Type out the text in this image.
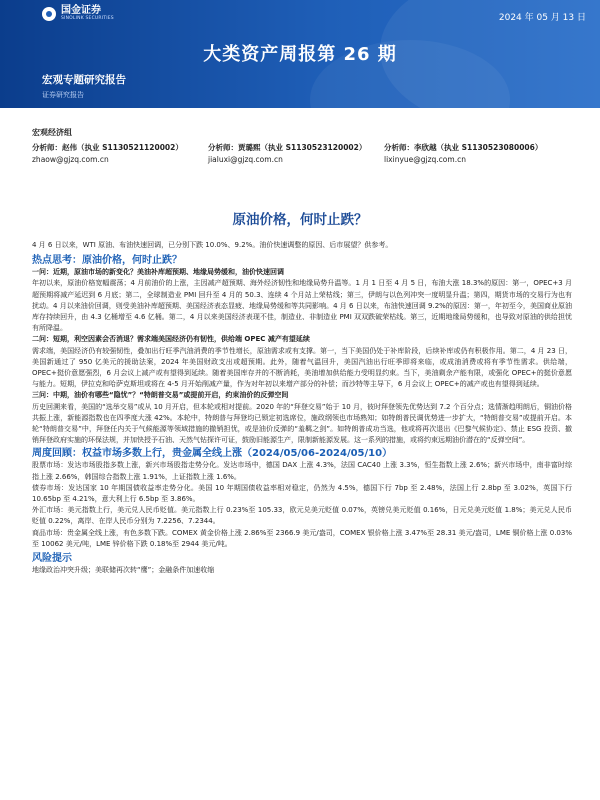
国金证券
SINOLINK SECURITIES	2024 年 05 月 13 日
大类资产周报第 26 期
宏观专题研究报告
证券研究报告
宏观经济组
分析师：赵伟（执业 S1130521120002）
zhaow@gjzq.com.cn
分析师：贾璐熙（执业 S1130523120002）
jialuxi@gjzq.com.cn
分析师：李欣越（执业 S1130523080006）
lixinyue@gjzq.com.cn
原油价格，何时止跌？
4 月 6 日以来，WTI 原油、布油快速回调，已分别下跌 10.0%、9.2%。油价快速调整的原因、后市展望？供参考。
热点思考：原油价格，何时止跌？
一问：近期，原油市场的新变化？美油补库超预期、地缘局势缓和，油价快速回调
年初以来，原油价格宽幅震荡；4 月前油价的上涨，主因减产超预期、海外经济韧性和地缘局势升温等。1 月 1 日至 4 月 5 日，布油大涨 18.3%的原因：第一，OPEC+3 月超预期将减产延迟到 6 月底；第二，全球制造业 PMI 回升至 4 月的 50.3、连续 4 个月站上荣枯线；第三，伊朗与以色列冲突一度明显升温；第四，期货市场的交易行为也有扰动。4 月以来油价回调，则受美油补库超预期、美国经济表态显疲、地缘局势缓和等共同影响。4 月 6 日以来，布油快速回调 9.2%的原因：第一，年初至今，美国商业原油库存持续回升，由 4.3 亿桶增至 4.6 亿桶。第二，4 月以来美国经济表现不佳，制造业、非制造业 PMI 双双跌破荣枯线。第三，近期地缘局势缓和，也导致对原油的供给担忧有所降温。
二问：短期，利空因素会否消退？需求端美国经济仍有韧性，供给端 OPEC 减产有望延续
需求端，美国经济仍有较强韧性，叠加出行旺季汽油消费的季节性增长，原油需求或有支撑。第一，当下美国仍处于补库阶段，后续补库或仍有积极作用。第二，4 月 23 日，美国新通过了 950 亿美元的援助法案，2024 年美国财政支出或超预期。此外，随着气温回升，美国汽油出行旺季即将来临，或成油消费或将有季节性需求。供给端，OPEC+挺价意愿强烈，6 月会议上减产或有望得到延续。随着美国库存并的不断消耗，美油增加供给能力受明显约束。当下，美油剩余产能有限，或强化 OPEC+的挺价意愿与能力。短期，伊拉克和哈萨克斯坦或将在 4-5 月开始削减产量，作为对年初以来增产部分的补偿；而沙特等主导下，6 月会议上 OPEC+的减产或也有望得到延续。
三问：中期，油价有哪些“隐忧”？“特朗普交易”或提前开启，约束油价的反弹空间
历史回溯来看，美国的“选举交易”或从 10 月开启，但本轮或相对提前。2020 年的“拜登交易”始于 10 月，彼时拜登领先优势达到 7.2 个百分点；选情渐趋明朗后，铜油价格共振上涨，新能源指数也在四季度大涨 42%。本轮中，特朗普与拜登均已锁定初选席位，施政纲领也市场熟知；如特朗普民调优势进一步扩大，“特朗普交易”或提前开启。本轮“特朗普交易”中，拜登任内关于气候能源等领域措施的撤销担忧，或是油价反弹的“羞羁之剑”。如特朗普成功当选，他或将再次退出《巴黎气候协定》、禁止 ESG 投资、撤销拜登政府实施的环保法规，并加快授予石油、天然气钻探许可证，鼓励旧能源生产，限制新能源发展。这一系列的措施，或将约束远期油价潜在的“反弹空间”。
周度回顾：权益市场多数上行，贵金属全线上涨（2024/05/06-2024/05/10）
股票市场：发达市场股指多数上涨，新兴市场股指走势分化。发达市场中，德国 DAX 上涨 4.3%，法国 CAC40 上涨 3.3%，恒生指数上涨 2.6%；新兴市场中，南非富时综指上涨 2.66%，韩国综合指数上涨 1.91%，上证指数上涨 1.6%。
债券市场：发达国家 10 年期国债收益率走势分化。美国 10 年期国债收益率相对稳定，仍然为 4.5%，德国下行 7bp 至 2.48%，法国上行 2.8bp 至 3.02%，英国下行 10.65bp 至 4.21%，意大利上行 6.5bp 至 3.86%。
外汇市场：美元指数上行，美元兑人民币贬值。美元指数上行 0.23%至 105.33，欧元兑美元贬值 0.07%，英镑兑美元贬值 0.16%，日元兑美元贬值 1.8%；美元兑人民币贬值 0.22%，离岸、在岸人民币分别为 7.2256、7.2344。
商品市场：贵金属全线上涨，有色多数下跌。COMEX 黄金价格上涨 2.86%至 2366.9 美元/盎司，COMEX 银价格上涨 3.47%至 28.31 美元/盎司，LME 铜价格上涨 0.03%至 10062 美元/吨，LME 锌价格下跌 0.18%至 2944 美元/吨。
风险提示
地缘政治冲突升级；美联储再次转“鹰”；金融条件加速收缩
